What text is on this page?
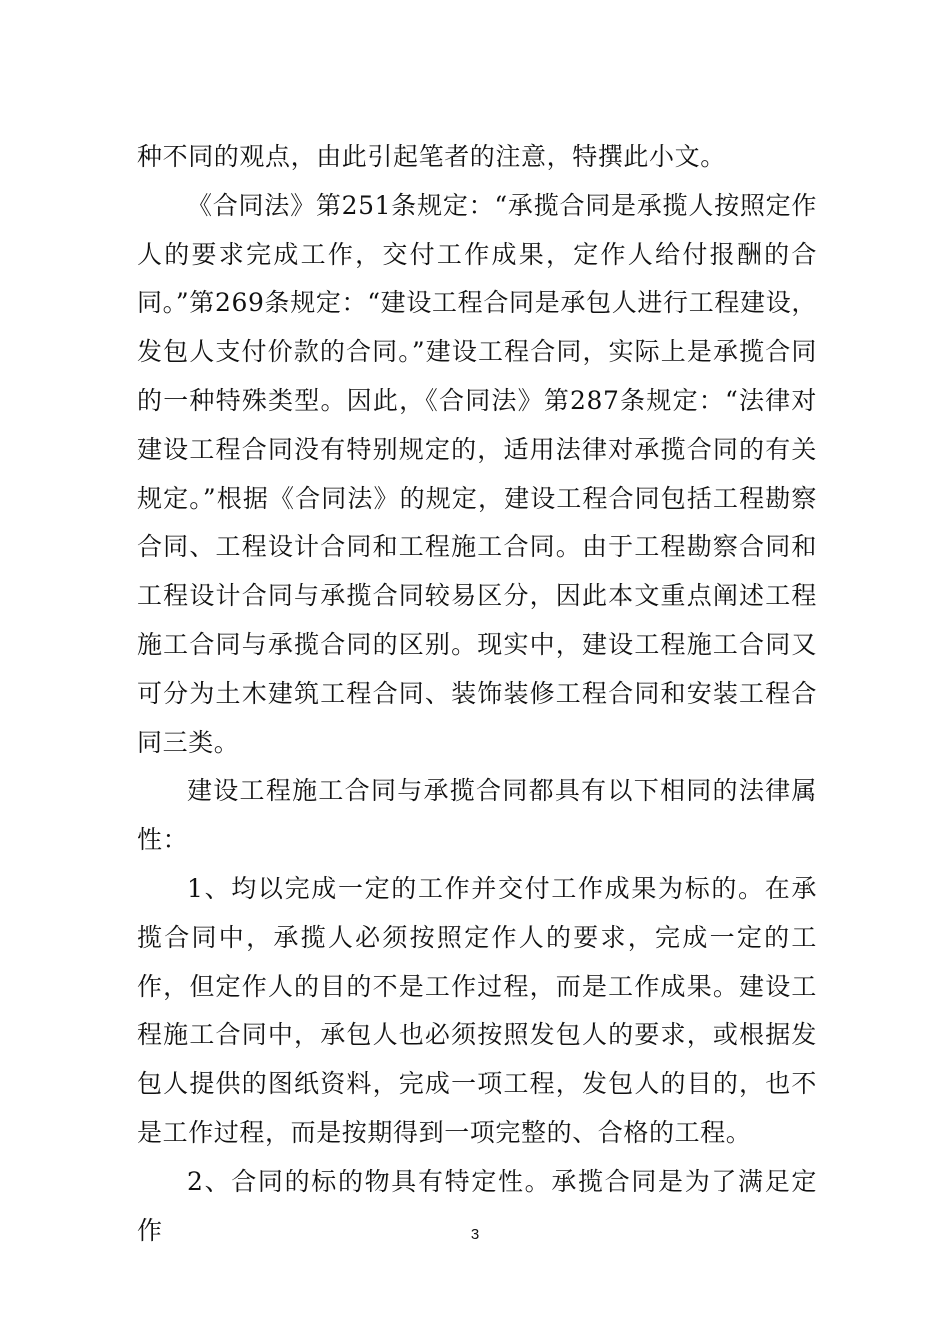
种不同的观点，由此引起笔者的注意，特撰此小文。

《合同法》第251条规定：“承揽合同是承揽人按照定作人的要求完成工作，交付工作成果，定作人给付报酬的合同。”第269条规定：“建设工程合同是承包人进行工程建设，发包人支付价款的合同。”建设工程合同，实际上是承揽合同的一种特殊类型。因此，《合同法》第287条规定：“法律对建设工程合同没有特别规定的，适用法律对承揽合同的有关规定。”根据《合同法》的规定，建设工程合同包括工程勘察合同、工程设计合同和工程施工合同。由于工程勘察合同和工程设计合同与承揽合同较易区分，因此本文重点阐述工程施工合同与承揽合同的区别。现实中，建设工程施工合同又可分为土木建筑工程合同、装饰装修工程合同和安装工程合同三类。

建设工程施工合同与承揽合同都具有以下相同的法律属性：

1、均以完成一定的工作并交付工作成果为标的。在承揽合同中，承揽人必须按照定作人的要求，完成一定的工作，但定作人的目的不是工作过程，而是工作成果。建设工程施工合同中，承包人也必须按照发包人的要求，或根据发包人提供的图纸资料，完成一项工程，发包人的目的，也不是工作过程，而是按期得到一项完整的、合格的工程。

2、合同的标的物具有特定性。承揽合同是为了满足定作	3
